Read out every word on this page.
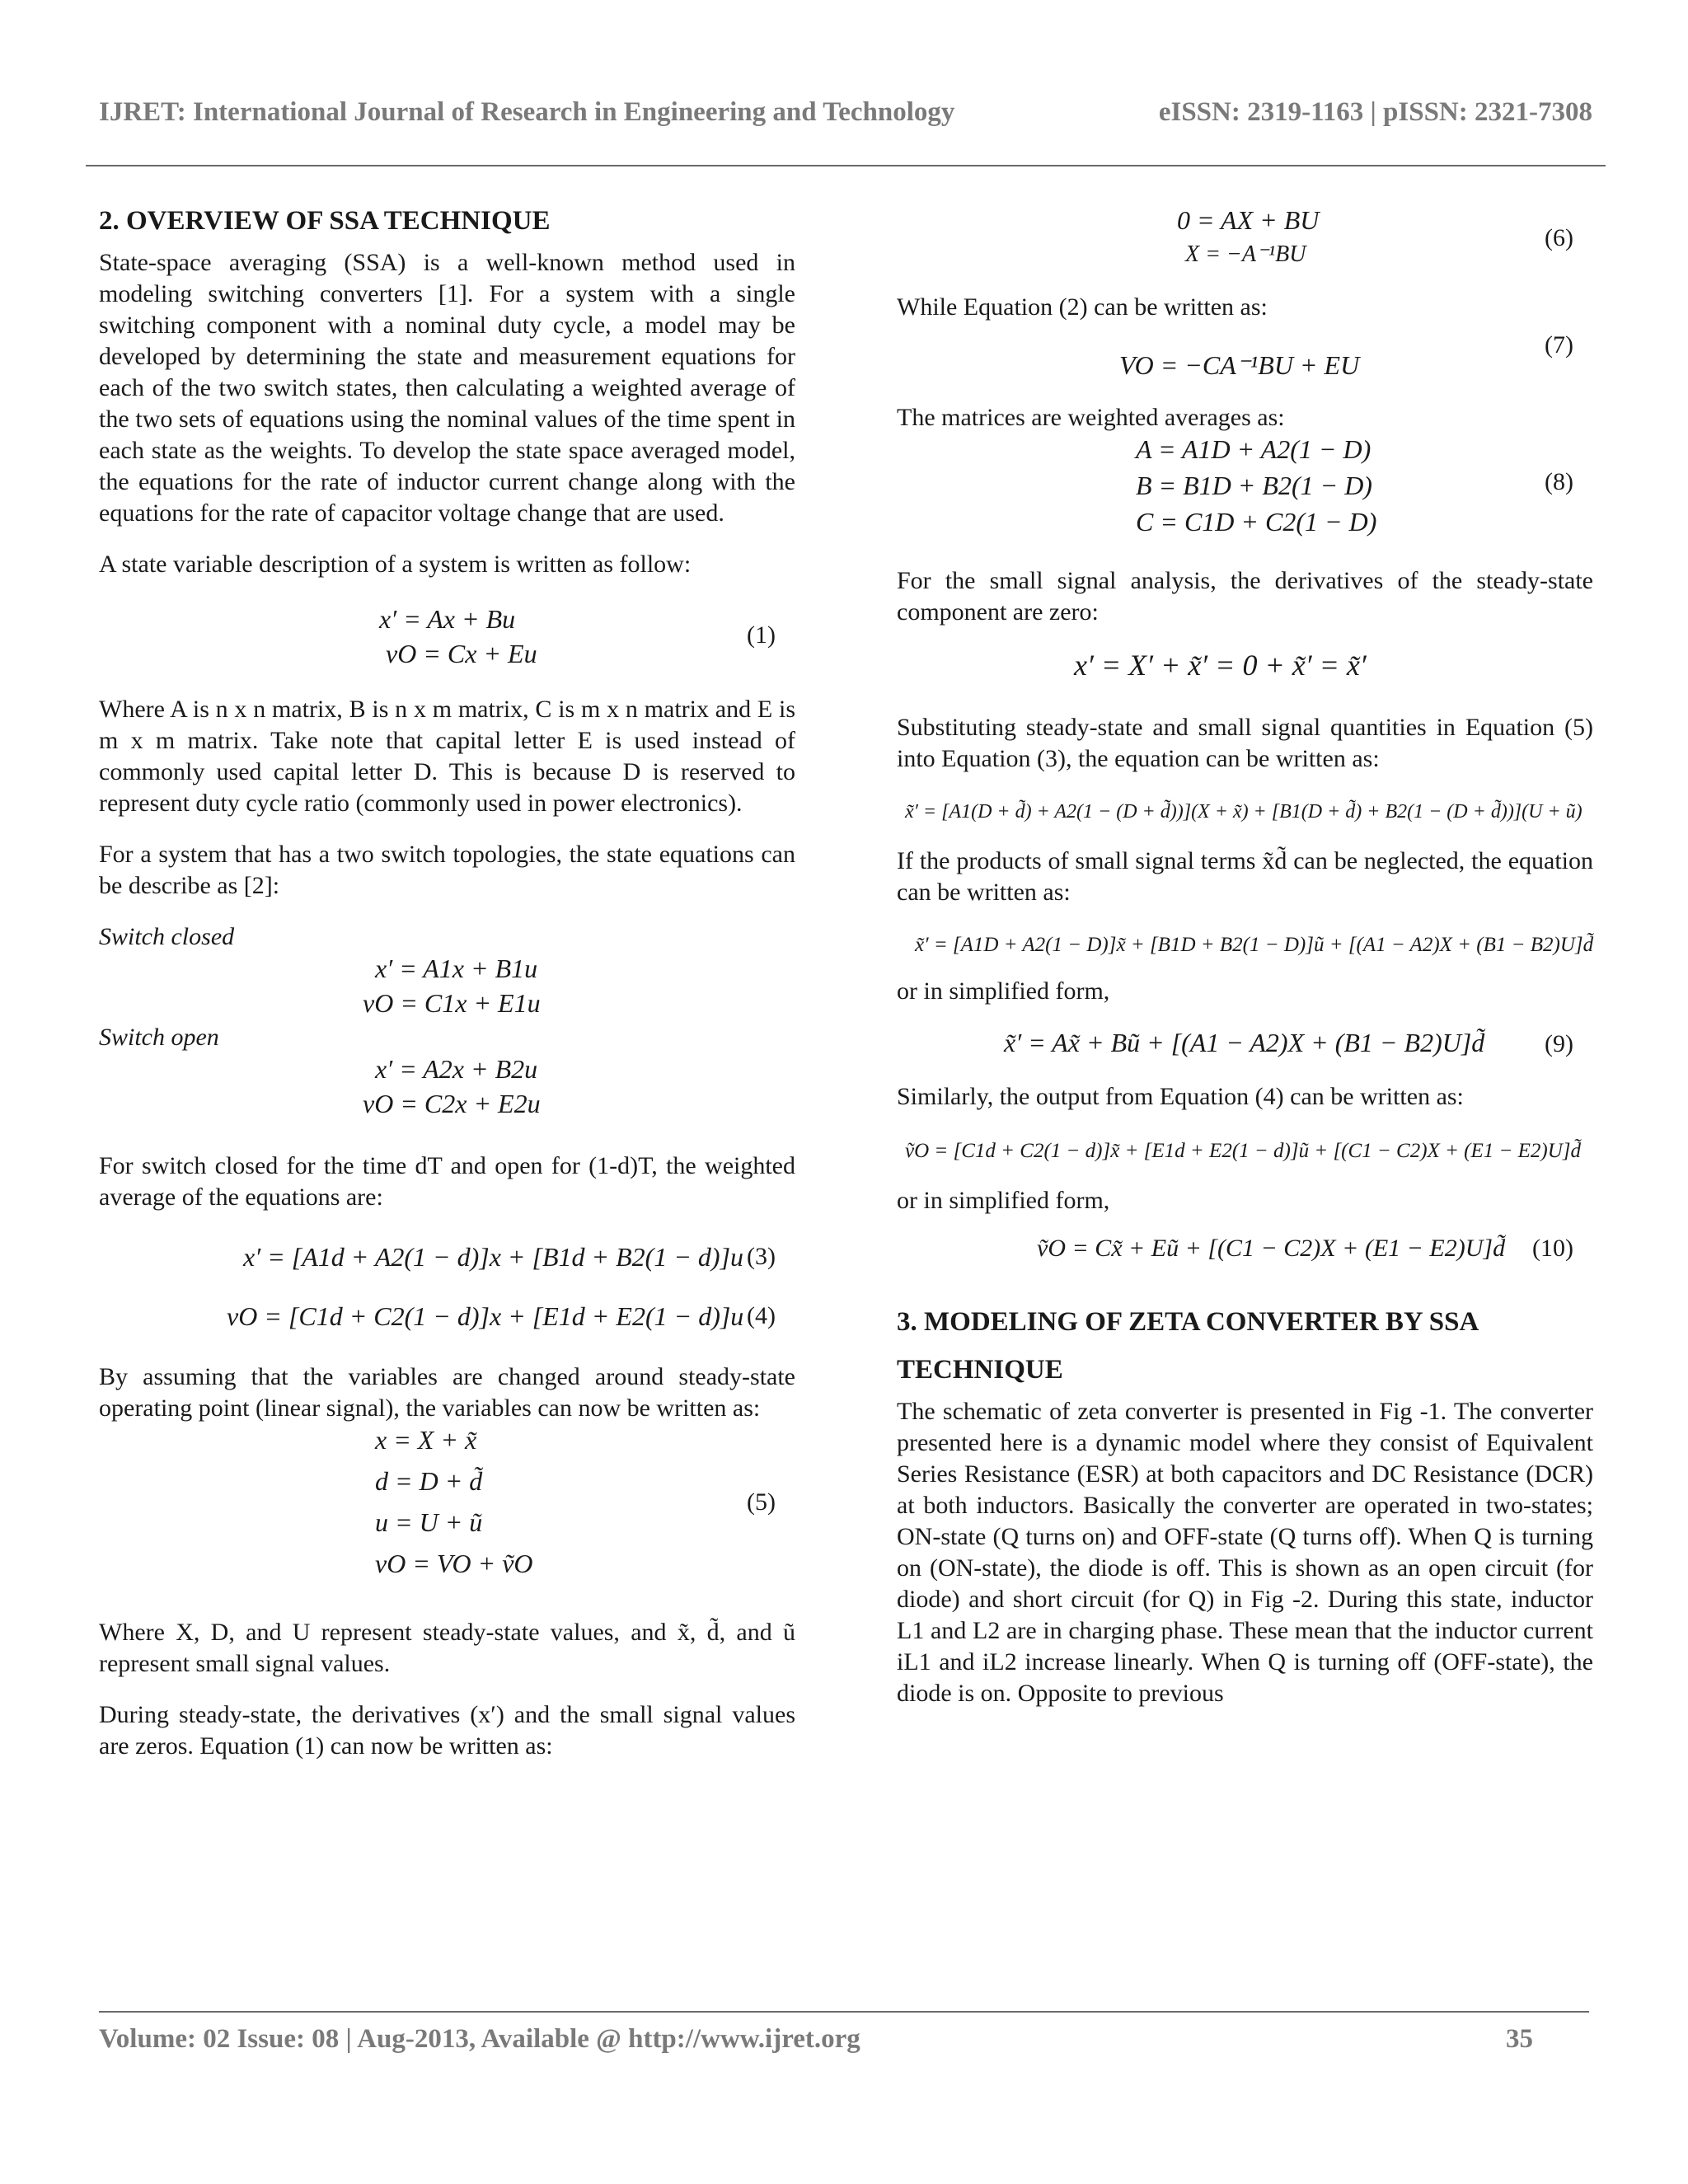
IJRET: International Journal of Research in Engineering and Technology	eISSN: 2319-1163 | pISSN: 2321-7308

2. OVERVIEW OF SSA TECHNIQUE

State-space averaging (SSA) is a well-known method used in modeling switching converters [1]. For a system with a single switching component with a nominal duty cycle, a model may be developed by determining the state and measurement equations for each of the two switch states, then calculating a weighted average of the two sets of equations using the nominal values of the time spent in each state as the weights. To develop the state space averaged model, the equations for the rate of inductor current change along with the equations for the rate of capacitor voltage change that are used.

A state variable description of a system is written as follow:

x′ = Ax + Bu
vO = Cx + Eu
(1)

Where A is n x n matrix, B is n x m matrix, C is m x n matrix and E is m x m matrix. Take note that capital letter E is used instead of commonly used capital letter D. This is because D is reserved to represent duty cycle ratio (commonly used in power electronics).

For a system that has a two switch topologies, the state equations can be describe as [2]:

Switch closed

x′ = A1x + B1u
vO = C1x + E1u

Switch open

x′ = A2x + B2u
vO = C2x + E2u

For switch closed for the time dT and open for (1-d)T, the weighted average of the equations are:

x′ = [A1d + A2(1 − d)]x + [B1d + B2(1 − d)]u (3)
vO = [C1d + C2(1 − d)]x + [E1d + E2(1 − d)]u (4)

By assuming that the variables are changed around steady-state operating point (linear signal), the variables can now be written as:

x = X + x̃
d = D + d̃
u = U + ũ
vO = VO + ṽO
(5)

Where X, D, and U represent steady-state values, and x̃, d̃, and ũ represent small signal values.

During steady-state, the derivatives (x′) and the small signal values are zeros. Equation (1) can now be written as:

0 = AX + BU
X = −A⁻¹BU
(6)

While Equation (2) can be written as:

VO = −CA⁻¹BU + EU
(7)

The matrices are weighted averages as:

A = A1D + A2(1 − D)
B = B1D + B2(1 − D)
C = C1D + C2(1 − D)
(8)

For the small signal analysis, the derivatives of the steady-state component are zero:

x′ = X′ + x̃′ = 0 + x̃′ = x̃′

Substituting steady-state and small signal quantities in Equation (5) into Equation (3), the equation can be written as:

x̃′ = [A1(D + d̃) + A2(1 − (D + d̃))](X + x̃) + [B1(D + d̃) + B2(1 − (D + d̃))](U + ũ)

If the products of small signal terms x̃d̃ can be neglected, the equation can be written as:

x̃′ = [A1D + A2(1 − D)]x̃ + [B1D + B2(1 − D)]ũ + [(A1 − A2)X + (B1 − B2)U]d̃

or in simplified form,

x̃′ = Ax̃ + Bũ + [(A1 − A2)X + (B1 − B2)U]d̃ (9)

Similarly, the output from Equation (4) can be written as:

ṽO = [C1d + C2(1 − d)]x̃ + [E1d + E2(1 − d)]ũ + [(C1 − C2)X + (E1 − E2)U]d̃

or in simplified form,

ṽO = Cx̃ + Eũ + [(C1 − C2)X + (E1 − E2)U]d̃ (10)

3. MODELING OF ZETA CONVERTER BY SSA

TECHNIQUE

The schematic of zeta converter is presented in Fig -1. The converter presented here is a dynamic model where they consist of Equivalent Series Resistance (ESR) at both capacitors and DC Resistance (DCR) at both inductors. Basically the converter are operated in two-states; ON-state (Q turns on) and OFF-state (Q turns off). When Q is turning on (ON-state), the diode is off. This is shown as an open circuit (for diode) and short circuit (for Q) in Fig -2. During this state, inductor L1 and L2 are in charging phase. These mean that the inductor current iL1 and iL2 increase linearly. When Q is turning off (OFF-state), the diode is on. Opposite to previous

Volume: 02 Issue: 08 | Aug-2013, Available @ http://www.ijret.org	35
